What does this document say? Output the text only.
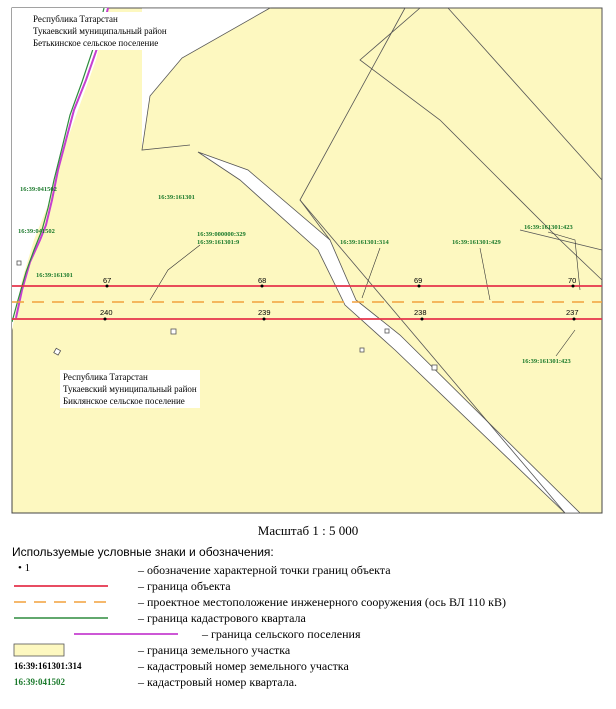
67	68	69	70
240	239	238	237
16:39:041502
16:39:161301
16:39:041502
16:39:161301
16:39:000000:329
16:39:161301:9	16:39:161301:314	16:39:161301:429
16:39:161301:423
16:39:161301:423
Республика Татарстан
Тукаевский муниципальный район
Бетькинское сельское поселение
Республика Татарстан
Тукаевский муниципальный район
Биклянское сельское поселение
Масштаб 1 : 5 000
Используемые условные знаки и обозначения:
• 1	– обозначение характерной точки границ объекта
– граница объекта
– проектное местоположение инженерного сооружения (ось ВЛ 110 кВ)
– граница кадастрового квартала
– граница сельского поселения
– граница земельного участка
16:39:161301:314	– кадастровый номер земельного участка
16:39:041502	– кадастровый номер квартала.
